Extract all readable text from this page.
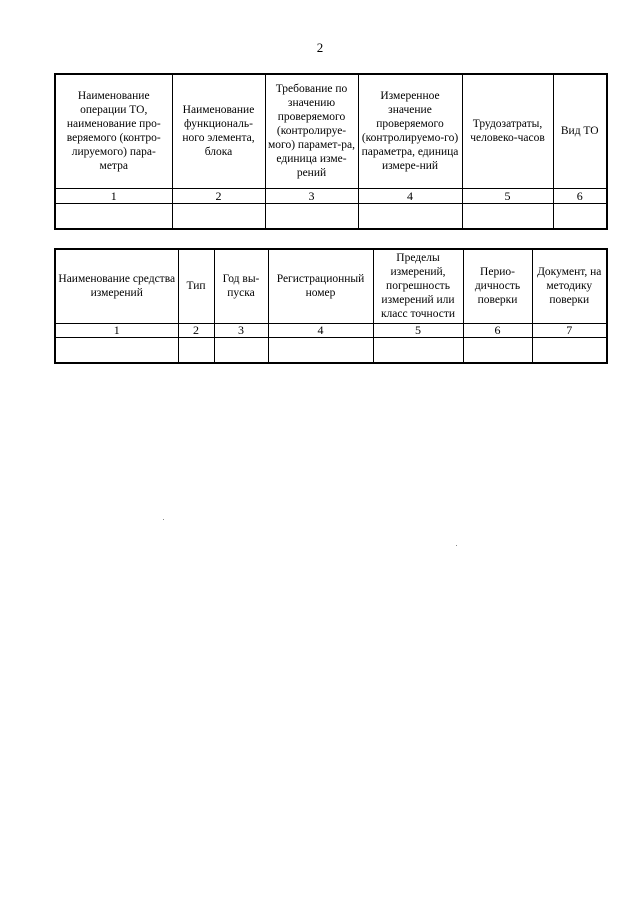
2
Наименование операции ТО, наименование про-веряемого (контро-лируемого) пара-метра	Наименование функциональ-ного элемента, блока	Требование по значению проверяемого (контролируе-мого) парамет-ра, единица изме-рений	Измеренное значение проверяемого (контролируемо-го) параметра, единица измере-ний	Трудозатраты, человеко-часов	Вид ТО
1	2	3	4	5	6

Наименование средства измерений	Тип	Год вы-пуска	Регистрационный номер	Пределы измерений, погрешность измерений или класс точности	Перио-дичность поверки	Документ, на методику поверки
1	2	3	4	5	6	7
